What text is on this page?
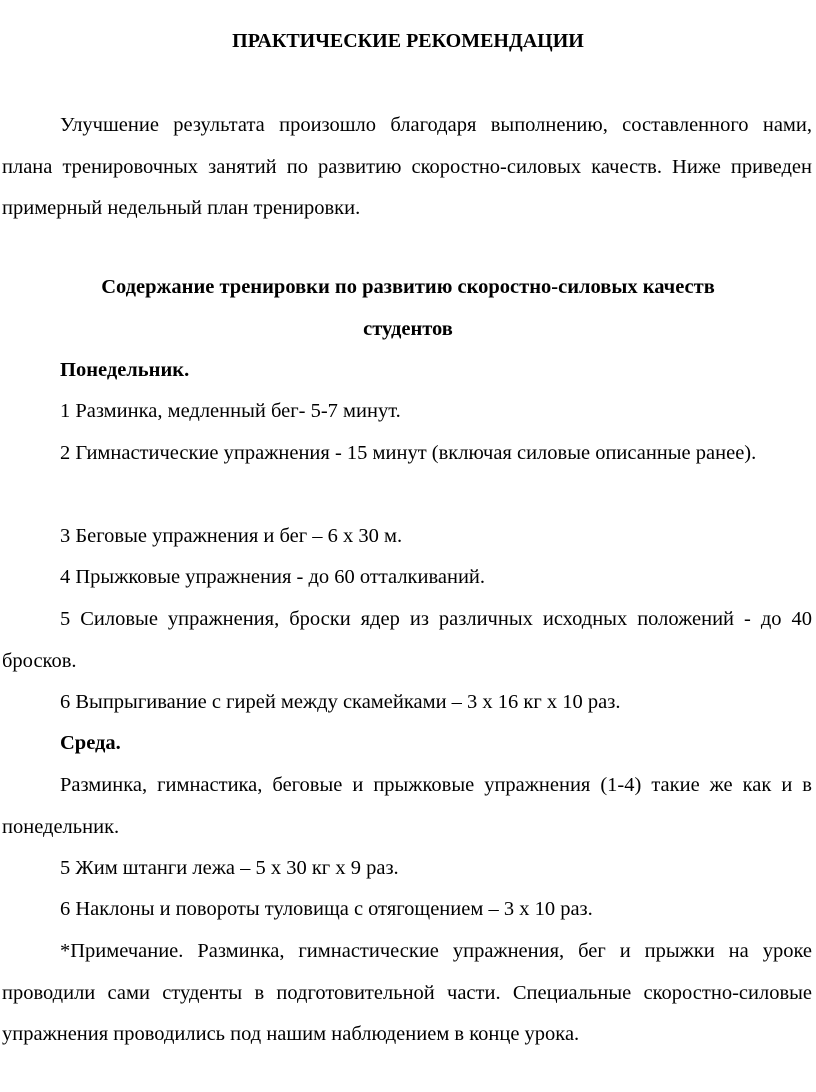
ПРАКТИЧЕСКИЕ РЕКОМЕНДАЦИИ

Улучшение результата произошло благодаря выполнению, составленного нами, плана тренировочных занятий по развитию скоростно-силовых качеств. Ниже приведен примерный недельный план тренировки.

Содержание тренировки по развитию скоростно-силовых качеств

студентов

Понедельник.

1 Разминка, медленный бег- 5-7 минут.

2 Гимнастические упражнения - 15 минут (включая силовые описанные ранее).

3 Беговые упражнения и бег – 6 х 30 м.

4 Прыжковые упражнения - до 60 отталкиваний.

5 Силовые упражнения, броски ядер из различных исходных положений - до 40 бросков.

6 Выпрыгивание с гирей между скамейками – 3 х 16 кг х 10 раз.

Среда.

Разминка, гимнастика, беговые и прыжковые упражнения (1-4) такие же как и в понедельник.

5 Жим штанги лежа – 5 х 30 кг х 9 раз.

6 Наклоны и повороты туловища с отягощением – 3 х 10 раз.

*Примечание. Разминка, гимнастические упражнения, бег и прыжки на уроке проводили сами студенты в подготовительной части. Специальные скоростно-силовые упражнения проводились под нашим наблюдением в конце урока.
